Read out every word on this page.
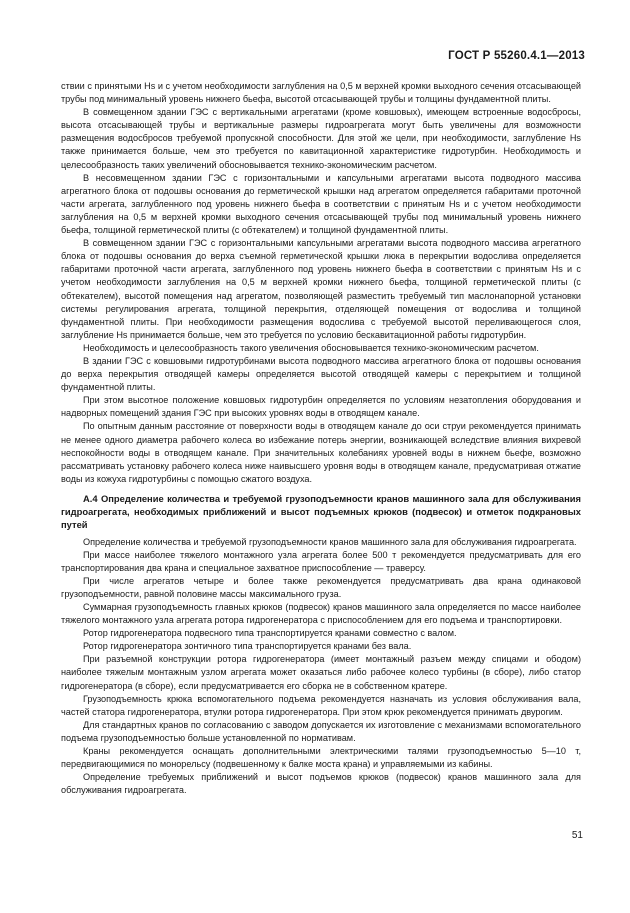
ГОСТ Р 55260.4.1—2013

ствии с принятыми Hs и с учетом необходимости заглубления на 0,5 м верхней кромки выходного сечения отсасывающей трубы под минимальный уровень нижнего бьефа, высотой отсасывающей трубы и толщины фундаментной плиты.

В совмещенном здании ГЭС с вертикальными агрегатами (кроме ковшовых), имеющем встроенные водосбросы, высота отсасывающей трубы и вертикальные размеры гидроагрегата могут быть увеличены для возможности размещения водосбросов требуемой пропускной способности. Для этой же цели, при необходимости, заглубление Hs также принимается больше, чем это требуется по кавитационной характеристике гидротурбин. Необходимость и целесообразность таких увеличений обосновывается технико-экономическим расчетом.

В несовмещенном здании ГЭС с горизонтальными и капсульными агрегатами высота подводного массива агрегатного блока от подошвы основания до герметической крышки над агрегатом определяется габаритами проточной части агрегата, заглубленного под уровень нижнего бьефа в соответствии с принятым Hs и с учетом необходимости заглубления на 0,5 м верхней кромки выходного сечения отсасывающей трубы под минимальный уровень нижнего бьефа, толщиной герметической плиты (с обтекателем) и толщиной фундаментной плиты.

В совмещенном здании ГЭС с горизонтальными капсульными агрегатами высота подводного массива агрегатного блока от подошвы основания до верха съемной герметической крышки люка в перекрытии водослива определяется габаритами проточной части агрегата, заглубленного под уровень нижнего бьефа в соответствии с принятым Hs и с учетом необходимости заглубления на 0,5 м верхней кромки нижнего бьефа, толщиной герметической плиты (с обтекателем), высотой помещения над агрегатом, позволяющей разместить требуемый тип маслонапорной установки системы регулирования агрегата, толщиной перекрытия, отделяющей помещения от водослива и толщиной фундаментной плиты. При необходимости размещения водослива с требуемой высотой переливающегося слоя, заглубление Hs принимается больше, чем это требуется по условию бескавитационной работы гидротурбин.

Необходимость и целесообразность такого увеличения обосновывается технико-экономическим расчетом.

В здании ГЭС с ковшовыми гидротурбинами высота подводного массива агрегатного блока от подошвы основания до верха перекрытия отводящей камеры определяется высотой отводящей камеры с перекрытием и толщиной фундаментной плиты.

При этом высотное положение ковшовых гидротурбин определяется по условиям незатопления оборудования и надворных помещений здания ГЭС при высоких уровнях воды в отводящем канале.

По опытным данным расстояние от поверхности воды в отводящем канале до оси струи рекомендуется принимать не менее одного диаметра рабочего колеса во избежание потерь энергии, возникающей вследствие влияния вихревой неспокойности воды в отводящем канале. При значительных колебаниях уровней воды в нижнем бьефе, возможно рассматривать установку рабочего колеса ниже наивысшего уровня воды в отводящем канале, предусматривая отжатие воды из кожуха гидротурбины с помощью сжатого воздуха.

А.4 Определение количества и требуемой грузоподъемности кранов машинного зала для обслуживания гидроагрегата, необходимых приближений и высот подъемных крюков (подвесок) и отметок подкрановых путей

Определение количества и требуемой грузоподъемности кранов машинного зала для обслуживания гидроагрегата.

При массе наиболее тяжелого монтажного узла агрегата более 500 т рекомендуется предусматривать для его транспортирования два крана и специальное захватное приспособление — траверсу.

При числе агрегатов четыре и более также рекомендуется предусматривать два крана одинаковой грузоподъемности, равной половине массы максимального груза.

Суммарная грузоподъемность главных крюков (подвесок) кранов машинного зала определяется по массе наиболее тяжелого монтажного узла агрегата ротора гидрогенератора с приспособлением для его подъема и транспортировки.

Ротор гидрогенератора подвесного типа транспортируется кранами совместно с валом.

Ротор гидрогенератора зонтичного типа транспортируется кранами без вала.

При разъемной конструкции ротора гидрогенератора (имеет монтажный разъем между спицами и ободом) наиболее тяжелым монтажным узлом агрегата может оказаться либо рабочее колесо турбины (в сборе), либо статор гидрогенератора (в сборе), если предусматривается его сборка не в собственном кратере.

Грузоподъемность крюка вспомогательного подъема рекомендуется назначать из условия обслуживания вала, частей статора гидрогенератора, втулки ротора гидрогенератора. При этом крюк рекомендуется принимать двурогим.

Для стандартных кранов по согласованию с заводом допускается их изготовление с механизмами вспомогательного подъема грузоподъемностью больше установленной по нормативам.

Краны рекомендуется оснащать дополнительными электрическими талями грузоподъемностью 5—10 т, передвигающимися по монорельсу (подвешенному к балке моста крана) и управляемыми из кабины.

Определение требуемых приближений и высот подъемов крюков (подвесок) кранов машинного зала для обслуживания гидроагрегата.

51
